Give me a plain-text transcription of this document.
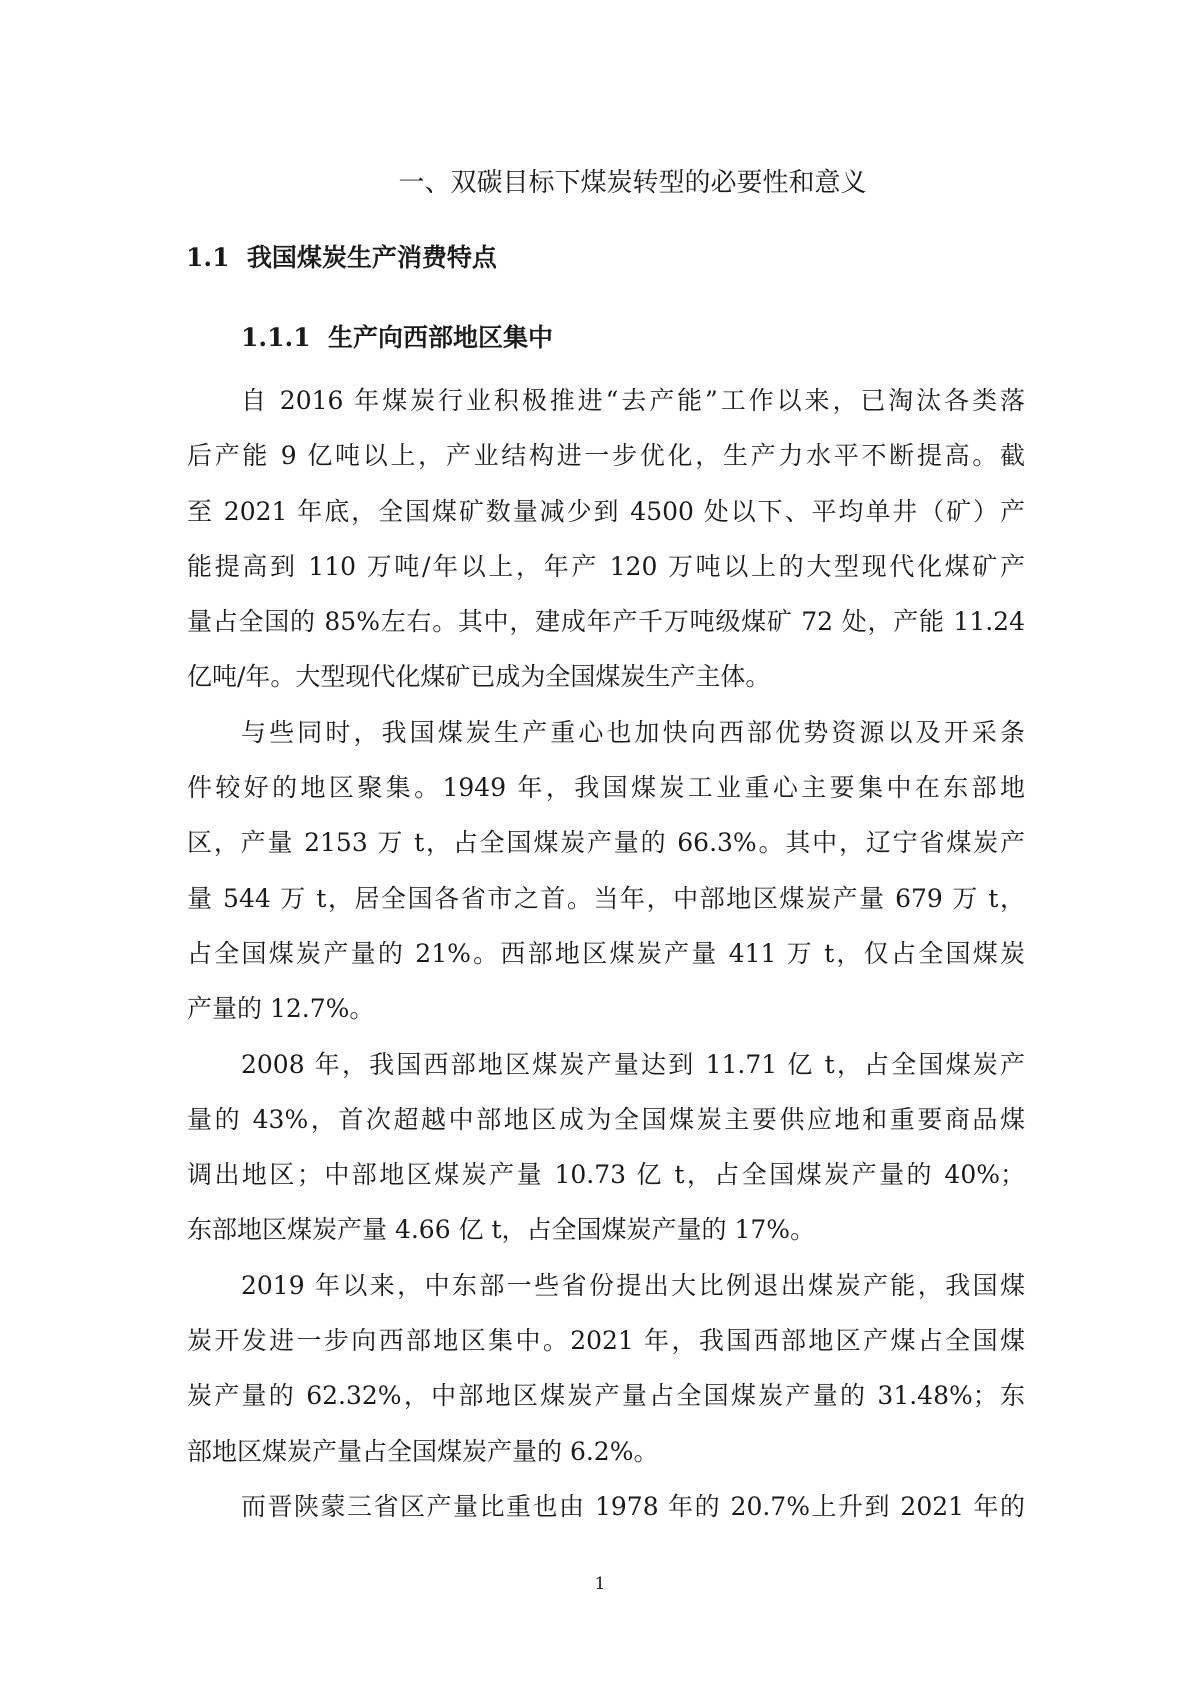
一、双碳目标下煤炭转型的必要性和意义
1.1  我国煤炭生产消费特点
1.1.1  生产向西部地区集中
自 2016 年煤炭行业积极推进“去产能”工作以来，已淘汰各类落
后产能 9 亿吨以上，产业结构进一步优化，生产力水平不断提高。截
至 2021 年底，全国煤矿数量减少到 4500 处以下、平均单井（矿）产
能提高到 110 万吨/年以上，年产 120 万吨以上的大型现代化煤矿产
量占全国的 85%左右。其中，建成年产千万吨级煤矿 72 处，产能 11.24
亿吨/年。大型现代化煤矿已成为全国煤炭生产主体。
与些同时，我国煤炭生产重心也加快向西部优势资源以及开采条
件较好的地区聚集。1949 年，我国煤炭工业重心主要集中在东部地
区，产量 2153 万 t，占全国煤炭产量的 66.3%。其中，辽宁省煤炭产
量 544 万 t，居全国各省市之首。当年，中部地区煤炭产量 679 万 t，
占全国煤炭产量的 21%。西部地区煤炭产量 411 万 t，仅占全国煤炭
产量的 12.7%。
2008 年，我国西部地区煤炭产量达到 11.71 亿 t，占全国煤炭产
量的 43%，首次超越中部地区成为全国煤炭主要供应地和重要商品煤
调出地区；中部地区煤炭产量 10.73 亿 t，占全国煤炭产量的 40%；
东部地区煤炭产量 4.66 亿 t，占全国煤炭产量的 17%。
2019 年以来，中东部一些省份提出大比例退出煤炭产能，我国煤
炭开发进一步向西部地区集中。2021 年，我国西部地区产煤占全国煤
炭产量的 62.32%，中部地区煤炭产量占全国煤炭产量的 31.48%；东
部地区煤炭产量占全国煤炭产量的 6.2%。
而晋陕蒙三省区产量比重也由 1978 年的 20.7%上升到 2021 年的
1
